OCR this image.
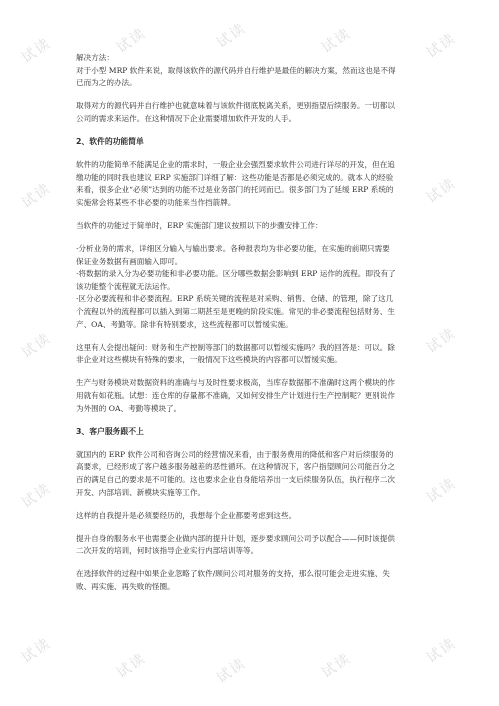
试读	试读	试读	试读	试读
试读	试读
试读	试读
试读	试读
试读	试读	试读	试读	试读
解决方法：
对于小型 MRP 软件来说，取得该软件的源代码并自行维护是最佳的解决方案，然而这也是不得
已而为之的办法。
取得对方的源代码并自行维护也就意味着与该软件彻底脱离关系，更别指望后续服务。一切都以
公司的需求来运作。在这种情况下企业需要增加软件开发的人手。
2、软件的功能简单
软件的功能简单不能满足企业的需求时，一般企业会强烈要求软件公司进行详尽的开发，但在追
缴功能的同时我也建议 ERP 实施部门详细了解：这些功能是否都是必须完成的。就本人的经验
来看，很多企业“必须”达到的功能不过是业务部门的托词而已。很多部门为了延缓 ERP 系统的
实施常会将某些不非必要的功能来当作挡箭牌。
当软件的功能过于简单时，ERP 实施部门建议按照以下的步骤安排工作：
·分析业务的需求，详细区分输入与输出要求。各种报表均为非必要功能，在实施的前期只需要
保证业务数据有画面输入即可。
·将数据的录入分为必要功能和非必要功能。区分哪些数据会影响到 ERP 运作的流程。即没有了
该功能整个流程就无法运作。
·区分必要流程和非必要流程。ERP 系统关键的流程是对采购、销售、仓储、的管理，除了这几
个流程以外的流程都可以插入到第二期甚至是更晚的阶段实施。常见的非必要流程包括财务、生
产、OA、考勤等。除非有特别要求，这些流程都可以暂缓实施。
这里有人会提出疑问：财务和生产控制等部门的数据都可以暂缓实施吗？我的回答是：可以。除
非企业对这些模块有特殊的要求，一般情况下这些模块的内容都可以暂缓实施。
生产与财务模块对数据资料的准确与与及时性要求极高，当库存数据都不准确时这两个模块的作
用就有如花瓶。试想：连仓库的存量都不准确，又如何安排生产计划进行生产控制呢？更别说作
为外围的 OA、考勤等模块了。
3、客户服务跟不上
就国内的 ERP 软件公司和咨询公司的经营情况来看，由于服务费用的降低和客户对后续服务的
高要求，已经形成了客户越多服务越差的恶性循环。在这种情况下，客户指望顾问公司能百分之
百的满足自己的要求是不可能的。这也要求企业自身能培养出一支后续服务队伍，执行程序二次
开发、内部培训、新模块实施等工作。
这样的自我提升是必须要经历的，我想每个企业都要考虑到这些。
提升自身的服务水平也需要企业做内部的提升计划，逐步要求顾问公司予以配合——何时该提供
二次开发的培训，何时该指导企业实行内部培训等等。
在选择软件的过程中如果企业忽略了软件/顾问公司对服务的支持，那么很可能会走进实施、失
败、再实施、再失败的怪圈。
